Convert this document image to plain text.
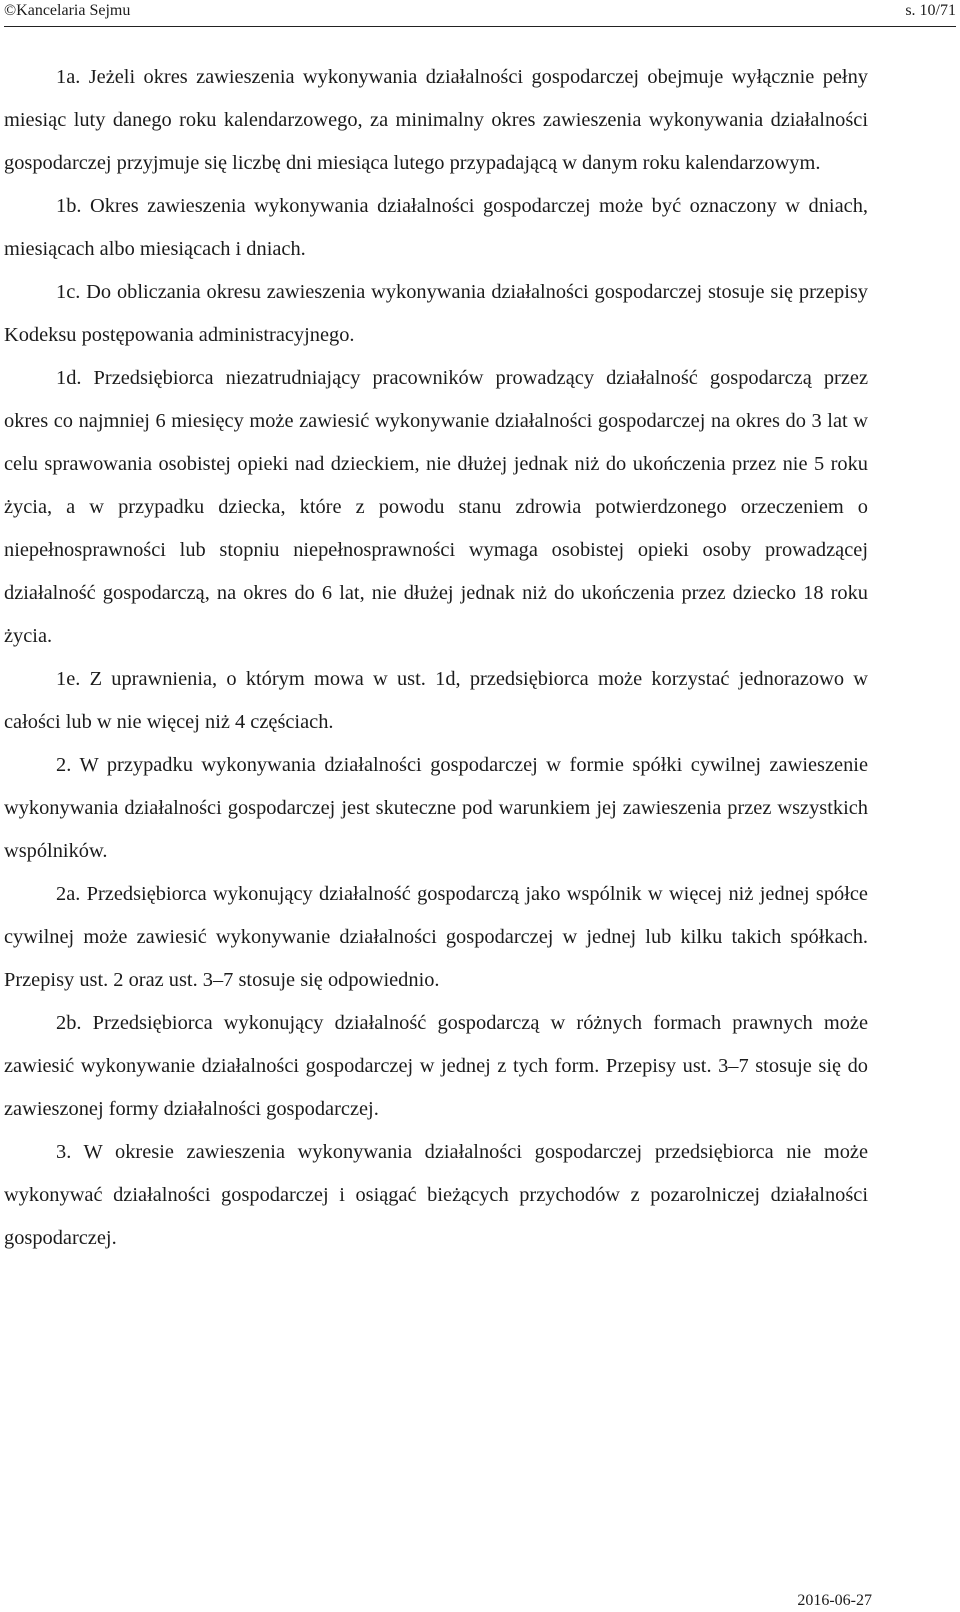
©Kancelaria Sejmu	s. 10/71

1a. Jeżeli okres zawieszenia wykonywania działalności gospodarczej obejmuje wyłącznie pełny miesiąc luty danego roku kalendarzowego, za minimalny okres zawieszenia wykonywania działalności gospodarczej przyjmuje się liczbę dni miesiąca lutego przypadającą w danym roku kalendarzowym.

1b. Okres zawieszenia wykonywania działalności gospodarczej może być oznaczony w dniach, miesiącach albo miesiącach i dniach.

1c. Do obliczania okresu zawieszenia wykonywania działalności gospodarczej stosuje się przepisy Kodeksu postępowania administracyjnego.

1d. Przedsiębiorca niezatrudniający pracowników prowadzący działalność gospodarczą przez okres co najmniej 6 miesięcy może zawiesić wykonywanie działalności gospodarczej na okres do 3 lat w celu sprawowania osobistej opieki nad dzieckiem, nie dłużej jednak niż do ukończenia przez nie 5 roku życia, a w przypadku dziecka, które z powodu stanu zdrowia potwierdzonego orzeczeniem o niepełnosprawności lub stopniu niepełnosprawności wymaga osobistej opieki osoby prowadzącej działalność gospodarczą, na okres do 6 lat, nie dłużej jednak niż do ukończenia przez dziecko 18 roku życia.

1e. Z uprawnienia, o którym mowa w ust. 1d, przedsiębiorca może korzystać jednorazowo w całości lub w nie więcej niż 4 częściach.

2. W przypadku wykonywania działalności gospodarczej w formie spółki cywilnej zawieszenie wykonywania działalności gospodarczej jest skuteczne pod warunkiem jej zawieszenia przez wszystkich wspólników.

2a. Przedsiębiorca wykonujący działalność gospodarczą jako wspólnik w więcej niż jednej spółce cywilnej może zawiesić wykonywanie działalności gospodarczej w jednej lub kilku takich spółkach. Przepisy ust. 2 oraz ust. 3–7 stosuje się odpowiednio.

2b. Przedsiębiorca wykonujący działalność gospodarczą w różnych formach prawnych może zawiesić wykonywanie działalności gospodarczej w jednej z tych form. Przepisy ust. 3–7 stosuje się do zawieszonej formy działalności gospodarczej.

3. W okresie zawieszenia wykonywania działalności gospodarczej przedsiębiorca nie może wykonywać działalności gospodarczej i osiągać bieżących przychodów z pozarolniczej działalności gospodarczej.

2016-06-27
